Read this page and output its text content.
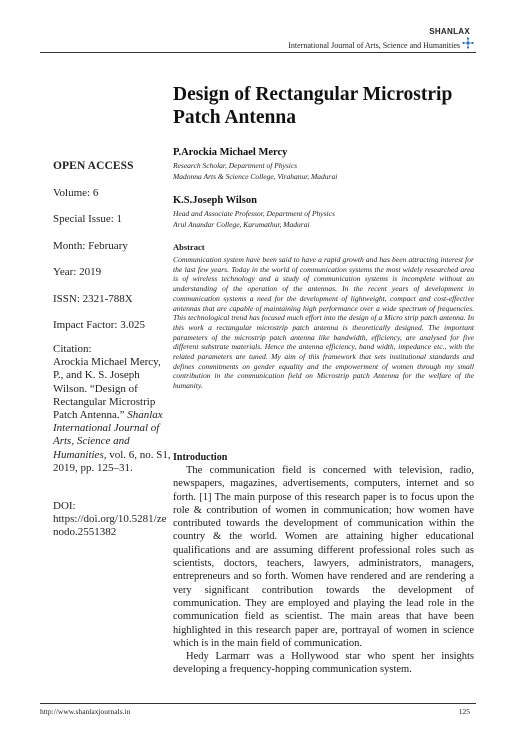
SHANLAX
International Journal of Arts, Science and Humanities
Design of Rectangular Microstrip Patch Antenna
OPEN ACCESS
Volume: 6
Special Issue: 1
Month: February
Year: 2019
ISSN: 2321-788X
Impact Factor: 3.025
Citation:
Arockia Michael Mercy, P., and K. S. Joseph Wilson. “Design of Rectangular Microstrip Patch Antenna.” Shanlax International Journal of Arts, Science and Humanities, vol. 6, no. S1, 2019, pp. 125–31.
DOI:
https://doi.org/10.5281/zenodo.2551382
P.Arockia Michael Mercy
Research Scholar, Department of Physics
Madonna Arts & Science College, Virahanur, Madurai
K.S.Joseph Wilson
Head and Associate Professor, Department of Physics
Arul Anandar College, Karumathur, Madurai
Abstract
Communication system have been said to have a rapid growth and has been attracting interest for the last few years. Today in the world of communication systems the most widely researched area is of wireless technology and a study of communication systems is incomplete without an understanding of the operation of the antennas. In the recent years of development in communication systems a need for the development of lightweight, compact and cost-effective antennas that are capable of maintaining high performance over a wide spectrum of frequencies. This technological trend has focused much effort into the design of a Micro strip patch antenna. In this work a rectangular microstrip patch antenna is theoretically designed. The important parameters of the microstrip patch antenna like bandwidth, efficiency, are analysed for five different substrate materials. Hence the antenna efficiency, band width, impedance etc., with the related parameters are tuned. My aim of this framework that sets institutional standards and defines commitments on gender equality and the empowerment of women through my small contribution in the communication field on Microstrip patch Antenna for the welfare of the humanity.
Introduction

The communication field is concerned with television, radio, newspapers, magazines, advertisements, computers, internet and so forth. [1] The main purpose of this research paper is to focus upon the role & contribution of women in communication; how women have contributed towards the development of communication within the country & the world. Women are attaining higher educational qualifications and are assuming different professional roles such as scientists, doctors, teachers, lawyers, administrators, managers, entrepreneurs and so forth. Women have rendered and are rendering a very significant contribution towards the development of communication. They are employed and playing the lead role in the communication field as scientist. The main areas that have been highlighted in this research paper are, portrayal of women in science which is in the main field of communication.

Hedy Larmarr was a Hollywood star who spent her insights developing a frequency-hopping communication system.

http://www.shanlaxjournals.in	125
